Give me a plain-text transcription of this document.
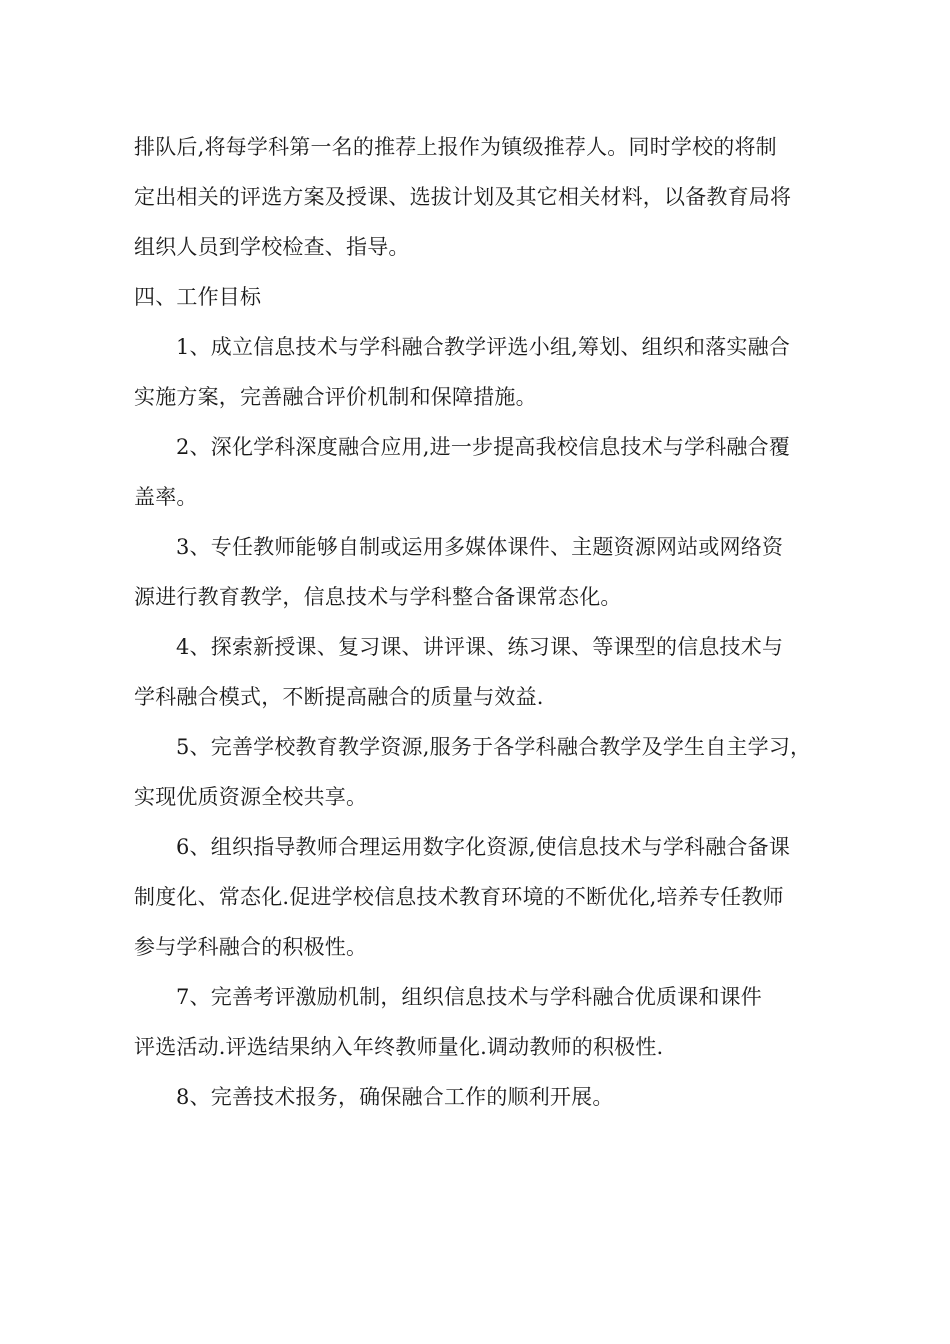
排队后,将每学科第一名的推荐上报作为镇级推荐人。同时学校的将制
定出相关的评选方案及授课、选拔计划及其它相关材料，以备教育局将
组织人员到学校检查、指导。
四、工作目标
1、成立信息技术与学科融合教学评选小组,筹划、组织和落实融合
实施方案，完善融合评价机制和保障措施。
2、深化学科深度融合应用,进一步提高我校信息技术与学科融合覆
盖率。
3、专任教师能够自制或运用多媒体课件、主题资源网站或网络资
源进行教育教学，信息技术与学科整合备课常态化。
4、探索新授课、复习课、讲评课、练习课、等课型的信息技术与
学科融合模式，不断提高融合的质量与效益.
5、完善学校教育教学资源,服务于各学科融合教学及学生自主学习，
实现优质资源全校共享。
6、组织指导教师合理运用数字化资源,使信息技术与学科融合备课
制度化、常态化.促进学校信息技术教育环境的不断优化,培养专任教师
参与学科融合的积极性。
7、完善考评激励机制，组织信息技术与学科融合优质课和课件
评选活动.评选结果纳入年终教师量化.调动教师的积极性.
8、完善技术报务，确保融合工作的顺利开展。
